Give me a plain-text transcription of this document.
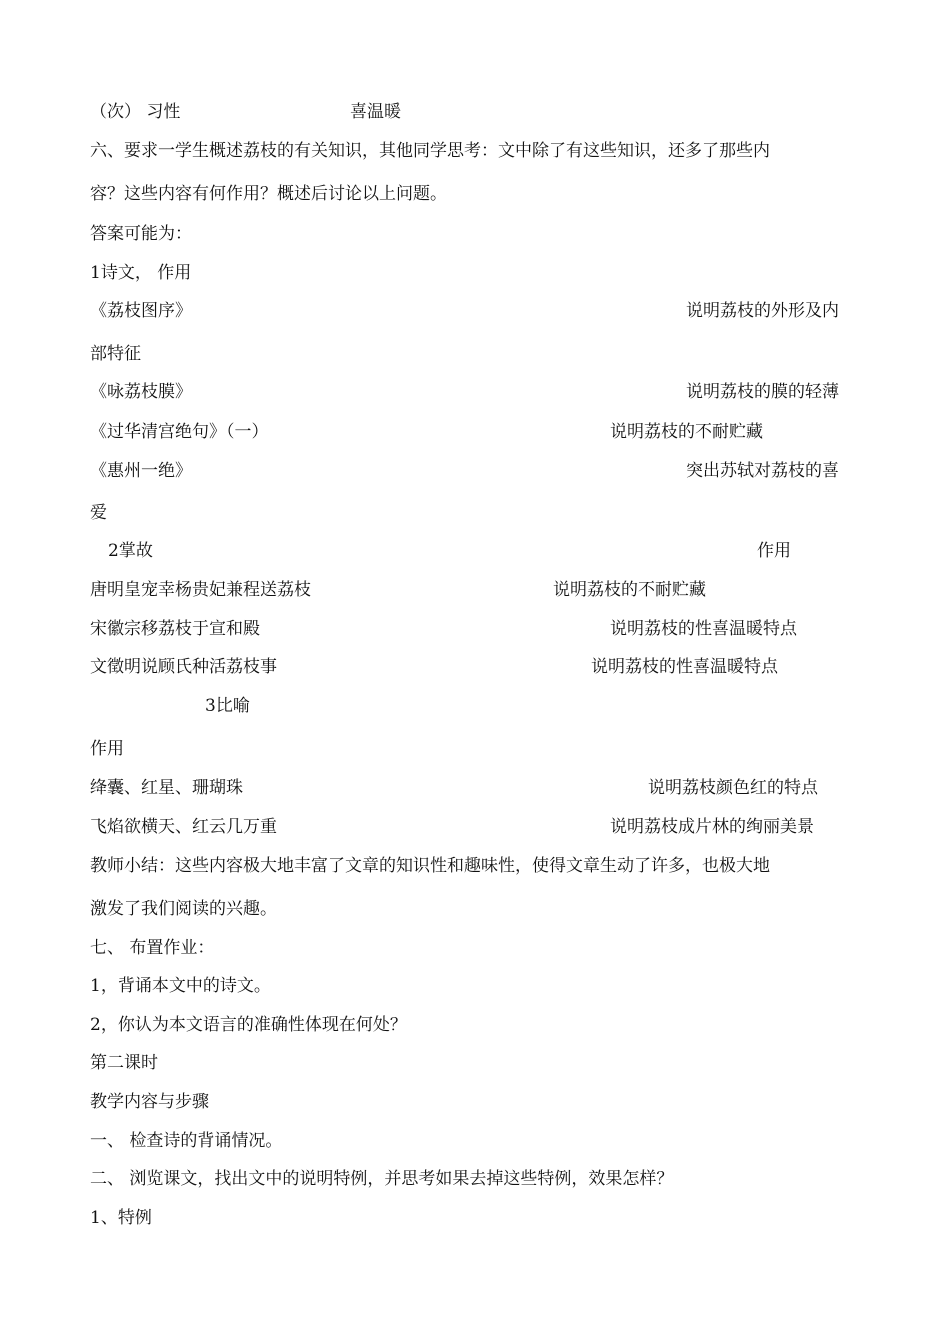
（次） 习性	喜温暖
六、要求一学生概述荔枝的有关知识，其他同学思考：文中除了有这些知识，还多了那些内
容？这些内容有何作用？概述后讨论以上问题。
答案可能为：
1诗文， 作用
《荔枝图序》	说明荔枝的外形及内
部特征
《咏荔枝膜》	说明荔枝的膜的轻薄
《过华清宫绝句》（一）	说明荔枝的不耐贮藏
《惠州一绝》	突出苏轼对荔枝的喜
爱
2掌故	作用
唐明皇宠幸杨贵妃兼程送荔枝	说明荔枝的不耐贮藏
宋徽宗移荔枝于宣和殿	说明荔枝的性喜温暖特点
文徵明说顾氏种活荔枝事	说明荔枝的性喜温暖特点
3比喻
作用
绛囊、红星、珊瑚珠	说明荔枝颜色红的特点
飞焰欲横天、红云几万重	说明荔枝成片林的绚丽美景
教师小结：这些内容极大地丰富了文章的知识性和趣味性，使得文章生动了许多，也极大地
激发了我们阅读的兴趣。
七、 布置作业：
1，背诵本文中的诗文。
2，你认为本文语言的准确性体现在何处？
第二课时
教学内容与步骤
一、 检查诗的背诵情况。
二、 浏览课文，找出文中的说明特例，并思考如果去掉这些特例，效果怎样？
1、特例
